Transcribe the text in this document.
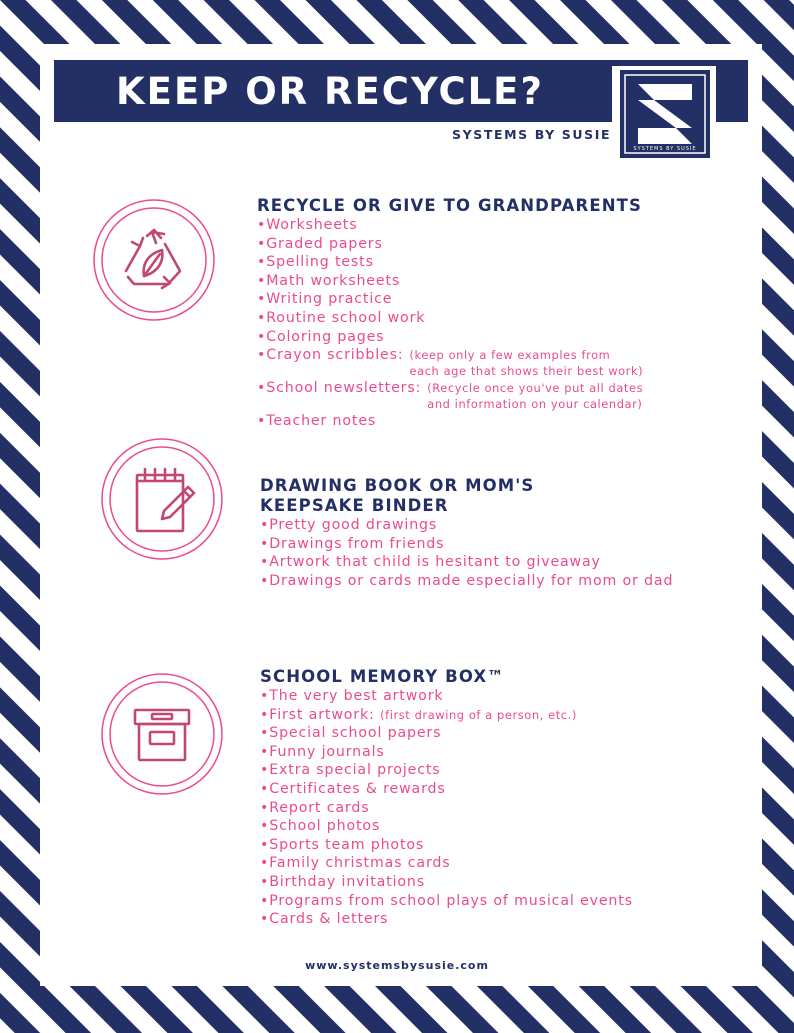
KEEP OR RECYCLE?
SYSTEMS BY SUSIE
SYSTEMS BY SUSIE
RECYCLE OR GIVE TO GRANDPARENTS
•Worksheets
•Graded papers
•Spelling tests
•Math worksheets
•Writing practice
•Routine school work
•Coloring pages
•Crayon scribbles: (keep only a few examples from
each age that shows their best work)
•School newsletters: (Recycle once you've put all dates
and information on your calendar)
•Teacher notes
DRAWING BOOK OR MOM'S
KEEPSAKE BINDER
•Pretty good drawings
•Drawings from friends
•Artwork that child is hesitant to giveaway
•Drawings or cards made especially for mom or dad
SCHOOL MEMORY BOX™
•The very best artwork
•First artwork: (first drawing of a person, etc.)
•Special school papers
•Funny journals
•Extra special projects
•Certificates & rewards
•Report cards
•School photos
•Sports team photos
•Family christmas cards
•Birthday invitations
•Programs from school plays of musical events
•Cards & letters
www.systemsbysusie.com
